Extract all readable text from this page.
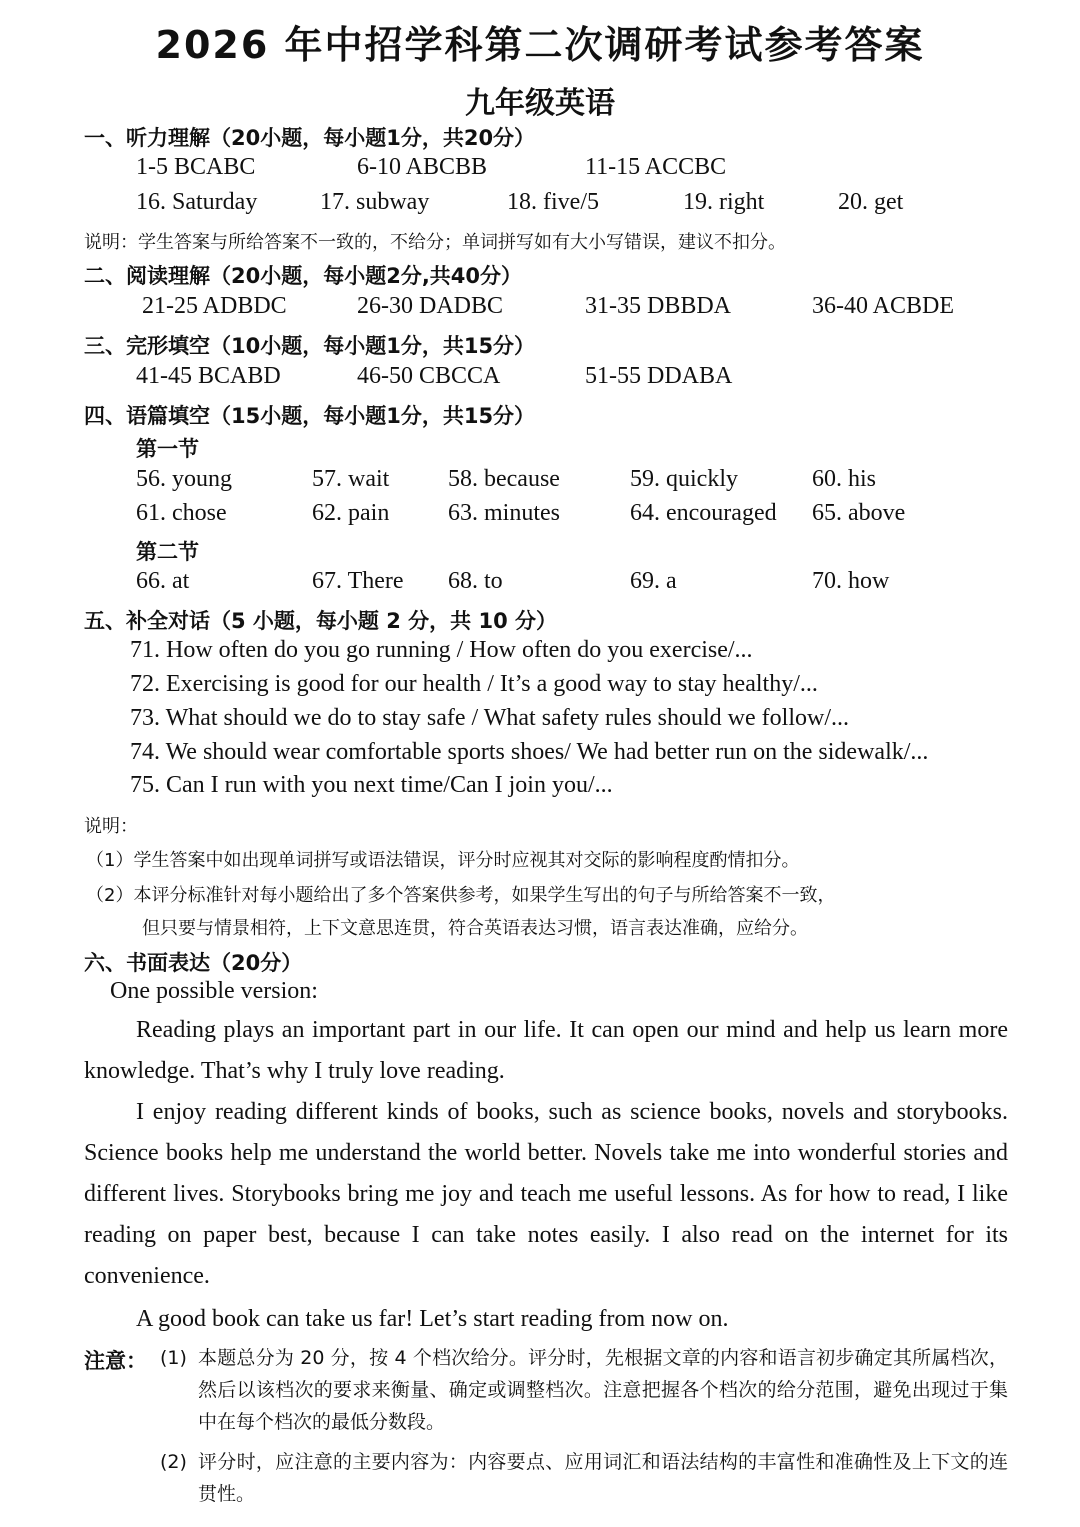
2026 年中招学科第二次调研考试参考答案
九年级英语
一、听力理解（20小题，每小题1分，共20分）
1-5 BCABC	6-10 ABCBB	11-15 ACCBC
16. Saturday	17. subway	18. five/5	19. right	20. get
说明：学生答案与所给答案不一致的，不给分；单词拼写如有大小写错误，建议不扣分。
二、阅读理解（20小题，每小题2分,共40分）
21-25 ADBDC	26-30 DADBC	31-35 DBBDA	36-40 ACBDE
三、完形填空（10小题，每小题1分，共15分）
41-45 BCABD	46-50 CBCCA	51-55 DDABA
四、语篇填空（15小题，每小题1分，共15分）
第一节
56. young	57. wait 58. because	59. quickly	60. his
61. chose	62. pain 63. minutes	64. encouraged 65. above
第二节
66. at	67. There 68. to	69. a	70. how
五、补全对话（5 小题，每小题 2 分，共 10 分）
71. How often do you go running / How often do you exercise/...
72. Exercising is good for our health / It’s a good way to stay healthy/...
73. What should we do to stay safe / What safety rules should we follow/...
74. We should wear comfortable sports shoes/ We had better run on the sidewalk/...
75. Can I run with you next time/Can I join you/...
说明：
（1）学生答案中如出现单词拼写或语法错误，评分时应视其对交际的影响程度酌情扣分。
（2）本评分标准针对每小题给出了多个答案供参考，如果学生写出的句子与所给答案不一致，
但只要与情景相符，上下文意思连贯，符合英语表达习惯，语言表达准确，应给分。
六、书面表达（20分）
One possible version:
Reading plays an important part in our life. It can open our mind and help us learn more knowledge. That’s why I truly love reading.
I enjoy reading different kinds of books, such as science books, novels and storybooks. Science books help me understand the world better. Novels take me into wonderful stories and different lives. Storybooks bring me joy and teach me useful lessons. As for how to read, I like reading on paper best, because I can take notes easily. I also read on the internet for its convenience.
A good book can take us far! Let’s start reading from now on.
注意： (1) 本题总分为 20 分，按 4 个档次给分。评分时，先根据文章的内容和语言初步确定其所属档次，然后以该档次的要求来衡量、确定或调整档次。注意把握各个档次的给分范围，避免出现过于集中在每个档次的最低分数段。
(2) 评分时，应注意的主要内容为：内容要点、应用词汇和语法结构的丰富性和准确性及上下文的连贯性。
